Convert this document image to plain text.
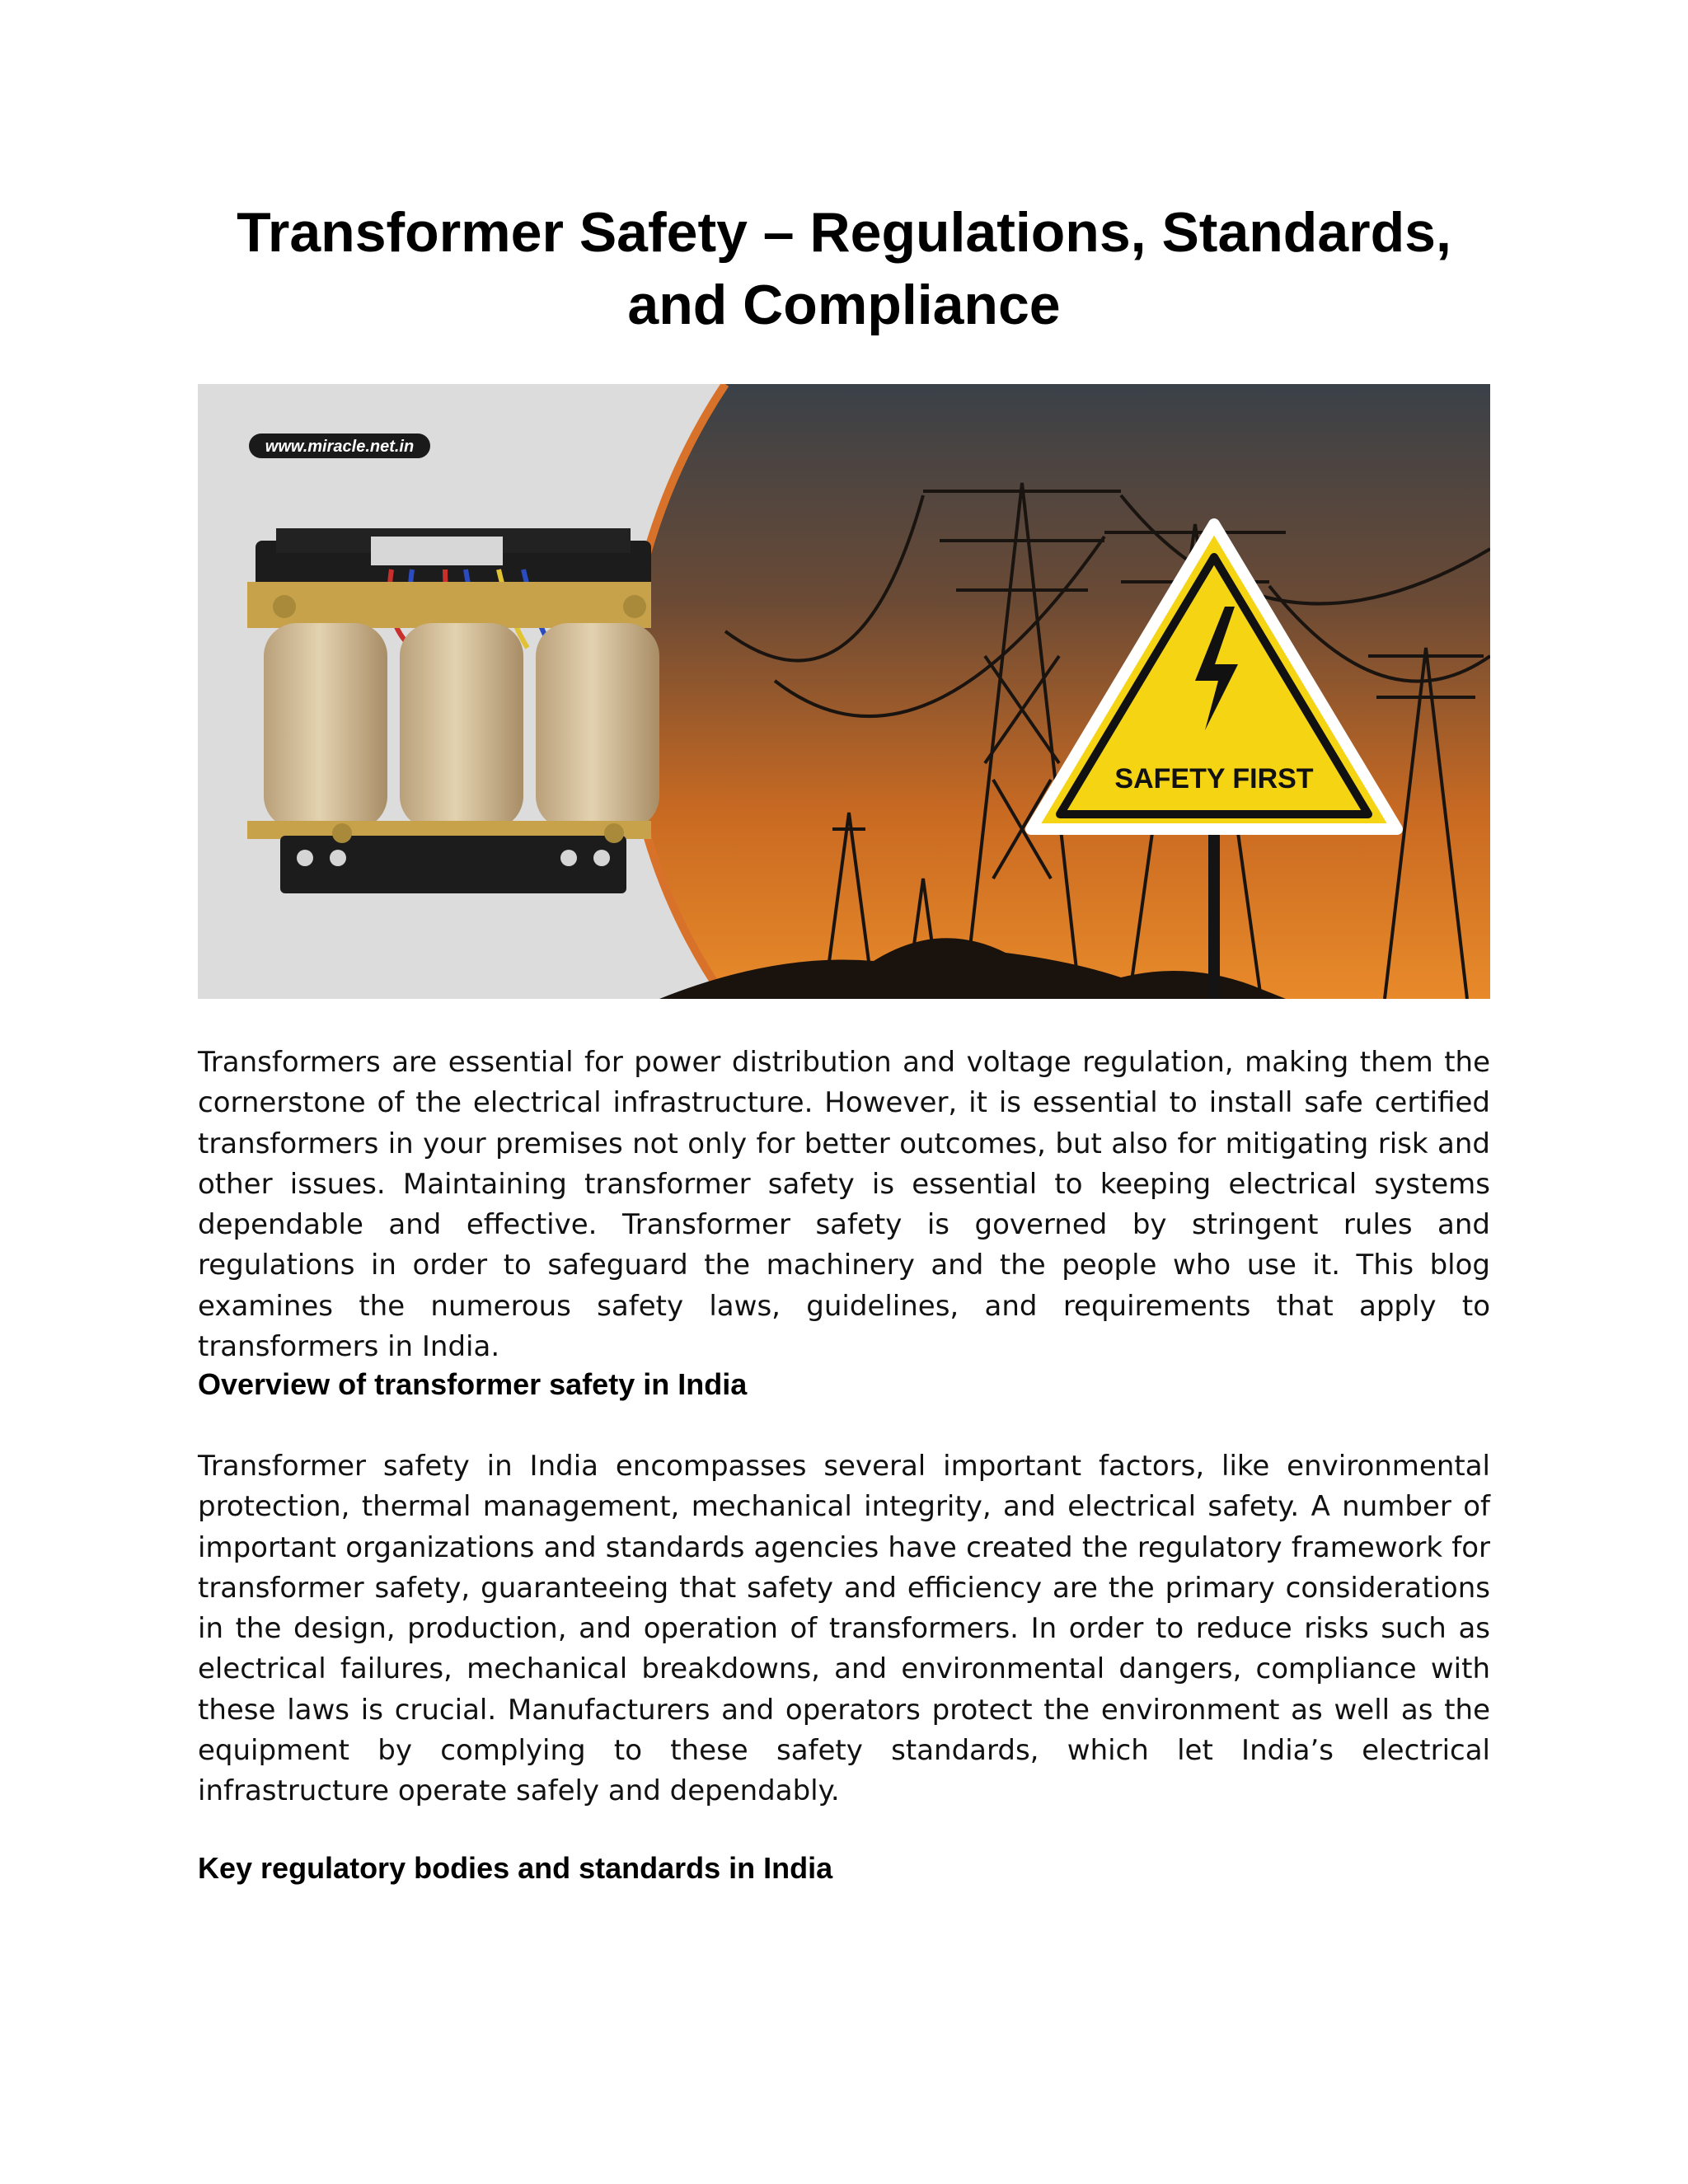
Transformer Safety – Regulations, Standards, and Compliance
SAFETY FIRST
www.miracle.net.in

Transformers are essential for power distribution and voltage regulation, making them the cornerstone of the electrical infrastructure. However, it is essential to install safe certified transformers in your premises not only for better outcomes, but also for mitigating risk and other issues. Maintaining transformer safety is essential to keeping electrical systems dependable and effective. Transformer safety is governed by stringent rules and regulations in order to safeguard the machinery and the people who use it. This blog examines the numerous safety laws, guidelines, and requirements that apply to transformers in India.

Overview of transformer safety in India

Transformer safety in India encompasses several important factors, like environmental protection, thermal management, mechanical integrity, and electrical safety. A number of important organizations and standards agencies have created the regulatory framework for transformer safety, guaranteeing that safety and efficiency are the primary considerations in the design, production, and operation of transformers. In order to reduce risks such as electrical failures, mechanical breakdowns, and environmental dangers, compliance with these laws is crucial. Manufacturers and operators protect the environment as well as the equipment by complying to these safety standards, which let India’s electrical infrastructure operate safely and dependably.

Key regulatory bodies and standards in India
